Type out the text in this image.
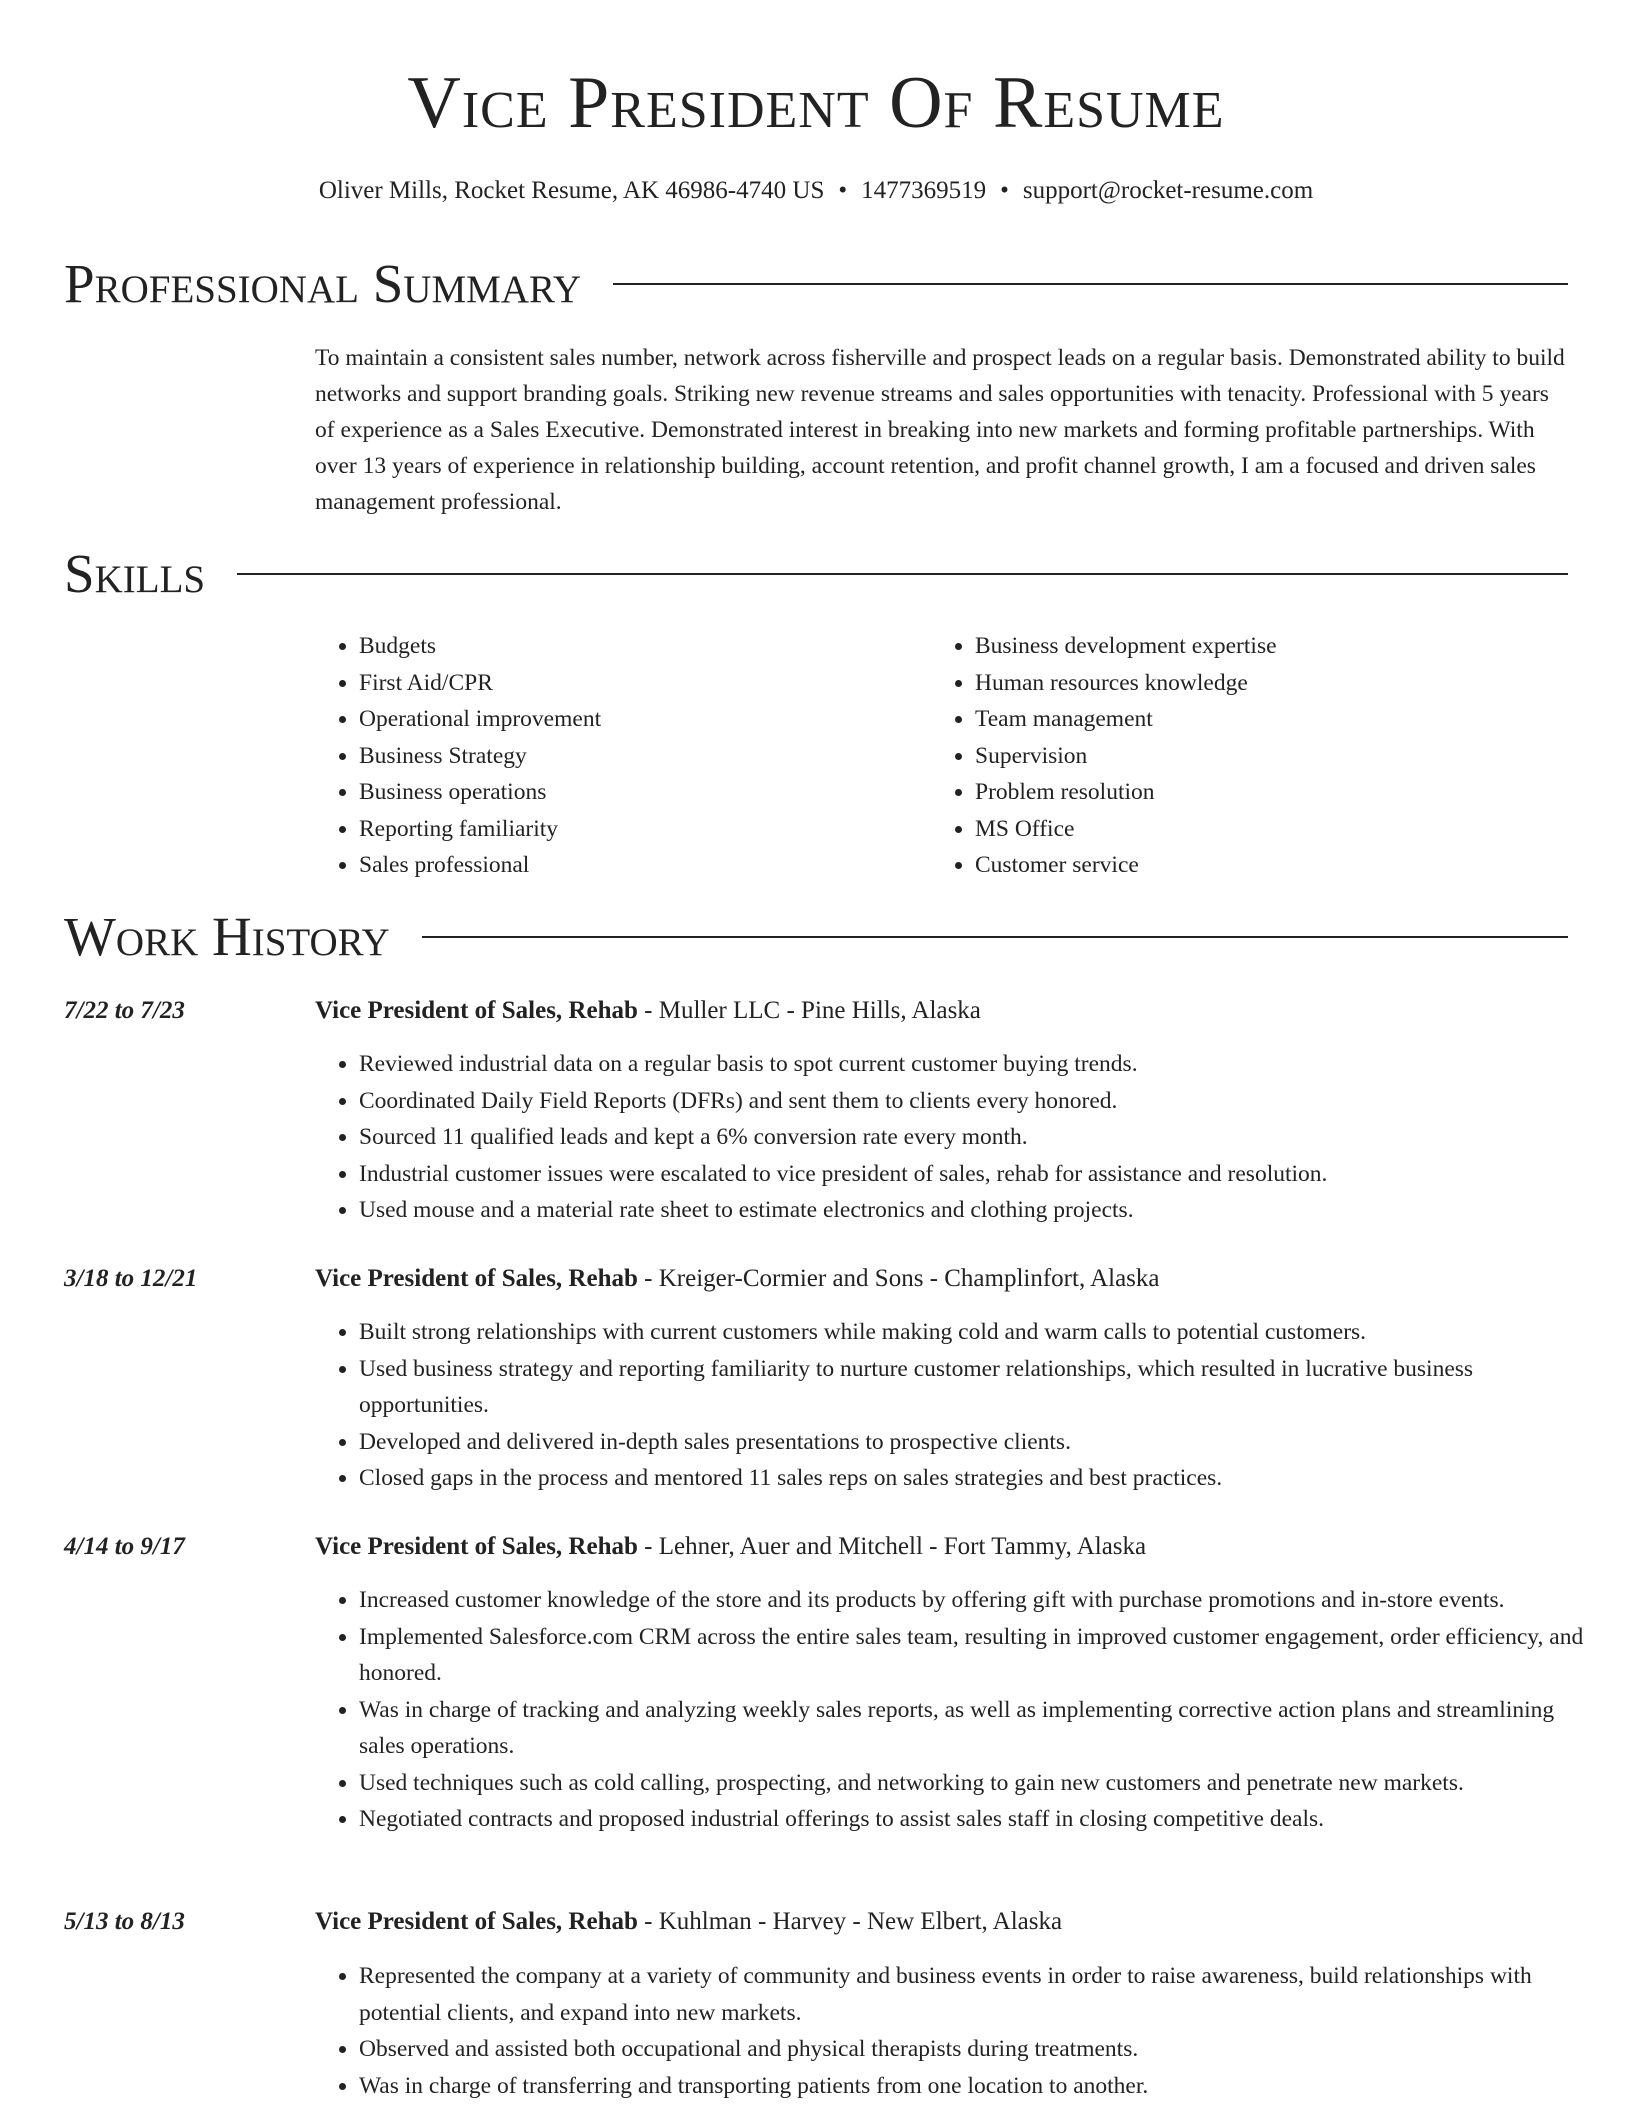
Vice President Of Resume
Oliver Mills, Rocket Resume, AK 46986-4740 US • 1477369519 • support@rocket-resume.com
Professional Summary
To maintain a consistent sales number, network across fisherville and prospect leads on a regular basis. Demonstrated ability to build networks and support branding goals. Striking new revenue streams and sales opportunities with tenacity. Professional with 5 years of experience as a Sales Executive. Demonstrated interest in breaking into new markets and forming profitable partnerships. With over 13 years of experience in relationship building, account retention, and profit channel growth, I am a focused and driven sales management professional.
Skills
• Budgets
• First Aid/CPR
• Operational improvement
• Business Strategy
• Business operations
• Reporting familiarity
• Sales professional
• Business development expertise
• Human resources knowledge
• Team management
• Supervision
• Problem resolution
• MS Office
• Customer service
Work History
7/22 to 7/23	Vice President of Sales, Rehab - Muller LLC - Pine Hills, Alaska
• Reviewed industrial data on a regular basis to spot current customer buying trends.
• Coordinated Daily Field Reports (DFRs) and sent them to clients every honored.
• Sourced 11 qualified leads and kept a 6% conversion rate every month.
• Industrial customer issues were escalated to vice president of sales, rehab for assistance and resolution.
• Used mouse and a material rate sheet to estimate electronics and clothing projects.
3/18 to 12/21	Vice President of Sales, Rehab - Kreiger-Cormier and Sons - Champlinfort, Alaska
• Built strong relationships with current customers while making cold and warm calls to potential customers.
• Used business strategy and reporting familiarity to nurture customer relationships, which resulted in lucrative business opportunities.
• Developed and delivered in-depth sales presentations to prospective clients.
• Closed gaps in the process and mentored 11 sales reps on sales strategies and best practices.
4/14 to 9/17	Vice President of Sales, Rehab - Lehner, Auer and Mitchell - Fort Tammy, Alaska
• Increased customer knowledge of the store and its products by offering gift with purchase promotions and in-store events.
• Implemented Salesforce.com CRM across the entire sales team, resulting in improved customer engagement, order efficiency, and honored.
• Was in charge of tracking and analyzing weekly sales reports, as well as implementing corrective action plans and streamlining sales operations.
• Used techniques such as cold calling, prospecting, and networking to gain new customers and penetrate new markets.
• Negotiated contracts and proposed industrial offerings to assist sales staff in closing competitive deals.
5/13 to 8/13	Vice President of Sales, Rehab - Kuhlman - Harvey - New Elbert, Alaska
• Represented the company at a variety of community and business events in order to raise awareness, build relationships with potential clients, and expand into new markets.
• Observed and assisted both occupational and physical therapists during treatments.
• Was in charge of transferring and transporting patients from one location to another.
